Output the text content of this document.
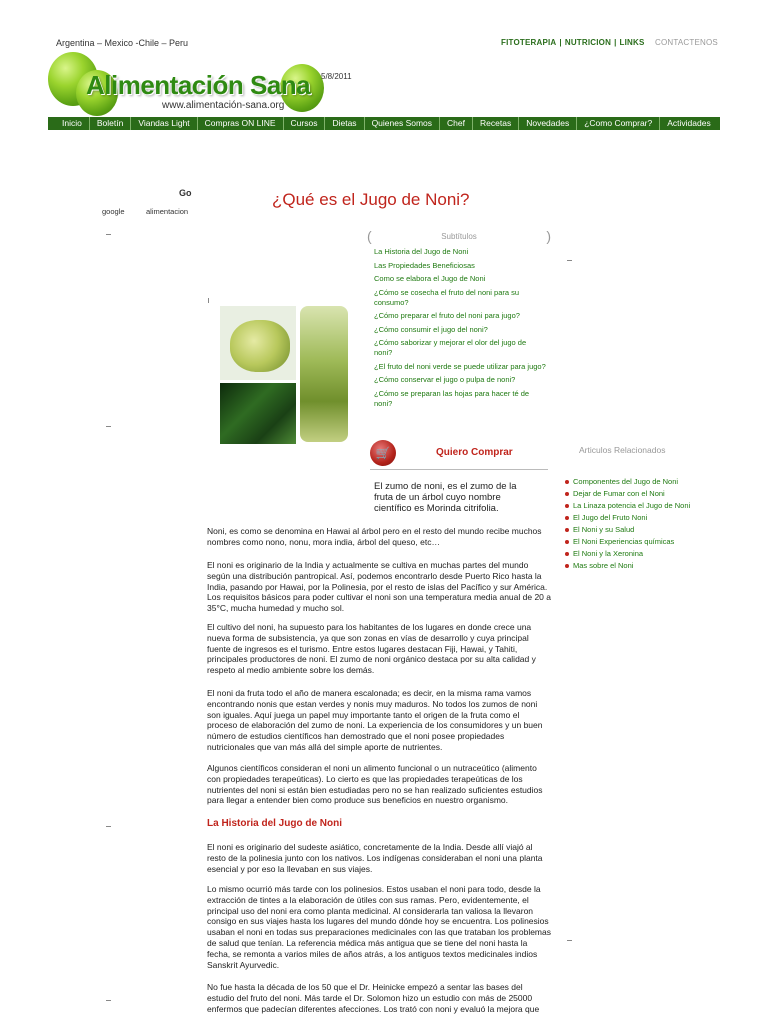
Argentina – Mexico -Chile – Peru	FITOTERAPIA | NUTRICION | LINKS CONTACTENOS
Alimentación Sana
www.alimentación-sana.org
5/8/2011
Inicio	Boletín	Viandas Light	Compras ON LINE	Cursos	Dietas	Quienes Somos	Chef	Recetas	Novedades	¿Como Comprar?	Actividades
Go
google	alimentacion
¿Qué es el Jugo de Noni?
(	Subtítulos	)
La Historia del Jugo de Noni
Las Propiedades Beneficiosas
Como se elabora el Jugo de Noni
¿Cómo se cosecha el fruto del noni para su consumo?
¿Cómo preparar el fruto del noni para jugo?
¿Cómo consumir el jugo del noni?
¿Cómo saborizar y mejorar el olor del jugo de noni?
¿El fruto del noni verde se puede utilizar para jugo?
¿Cómo conservar el jugo o pulpa de noni?
¿Cómo se preparan las hojas para hacer té de noni?
🛒	Quiero Comprar
El zumo de noni, es el zumo de la fruta de un árbol cuyo nombre científico es Morinda citrifolia.
Noni, es como se denomina en Hawai al árbol pero en el resto del mundo recibe muchos nombres como nono, nonu, mora india, árbol del queso, etc…
El noni es originario de la India y actualmente se cultiva en muchas partes del mundo según una distribución pantropical. Así, podemos encontrarlo desde Puerto Rico hasta la India, pasando por Hawai, por la Polinesia, por el resto de islas del Pacífico y sur América. Los requisitos básicos para poder cultivar el noni son una temperatura media anual de 20 a 35°C, mucha humedad y mucho sol.
El cultivo del noni, ha supuesto para los habitantes de los lugares en donde crece una nueva forma de subsistencia, ya que son zonas en vías de desarrollo y cuya principal fuente de ingresos es el turismo. Entre estos lugares destacan Fiji, Hawai, y Tahiti, principales productores de noni. El zumo de noni orgánico destaca por su alta calidad y respeto al medio ambiente sobre los demás.
El noni da fruta todo el año de manera escalonada; es decir, en la misma rama vamos encontrando nonis que estan verdes y nonis muy maduros. No todos los zumos de noni son iguales. Aquí juega un papel muy importante tanto el origen de la fruta como el proceso de elaboración del zumo de noni. La experiencia de los consumidores y un buen número de estudios científicos han demostrado que el noni posee propiedades nutricionales que van más allá del simple aporte de nutrientes.
Algunos científicos consideran el noni un alimento funcional o un nutraceútico (alimento con propiedades terapeúticas). Lo cierto es que las propiedades terapeúticas de los nutrientes del noni si están bien estudiadas pero no se han realizado suficientes estudios para llegar a entender bien como produce sus beneficios en nuestro organismo.
La Historia del Jugo de Noni
El noni es originario del sudeste asiático, concretamente de la India. Desde allí viajó al resto de la polinesia junto con los nativos. Los indígenas consideraban el noni una planta esencial y por eso la llevaban en sus viajes.
Lo mismo ocurrió más tarde con los polinesios. Estos usaban el noni para todo, desde la extracción de tintes a la elaboración de útiles con sus ramas. Pero, evidentemente, el principal uso del noni era como planta medicinal. Al considerarla tan valiosa la llevaron consigo en sus viajes hasta los lugares del mundo dónde hoy se encuentra. Los polinesios usaban el noni en todas sus preparaciones medicinales con las que trataban los problemas de salud que tenían. La referencia médica más antigua que se tiene del noni hasta la fecha, se remonta a varios miles de años atrás, a los antiguos textos medicinales indios Sanskrit Ayurvedic.
No fue hasta la década de los 50 que el Dr. Heinicke empezó a sentar las bases del estudio del fruto del noni. Más tarde el Dr. Solomon hizo un estudio con más de 25000 enfermos que padecían diferentes afecciones. Los trató con noni y evaluó la mejora que
Articulos Relacionados
Componentes del Jugo de Noni
Dejar de Fumar con el Noni
La Linaza potencia el Jugo de Noni
El Jugo del Fruto Noni
El Noni y su Salud
El Noni Experiencias químicas
El Noni y la Xeronina
Mas sobre el Noni
